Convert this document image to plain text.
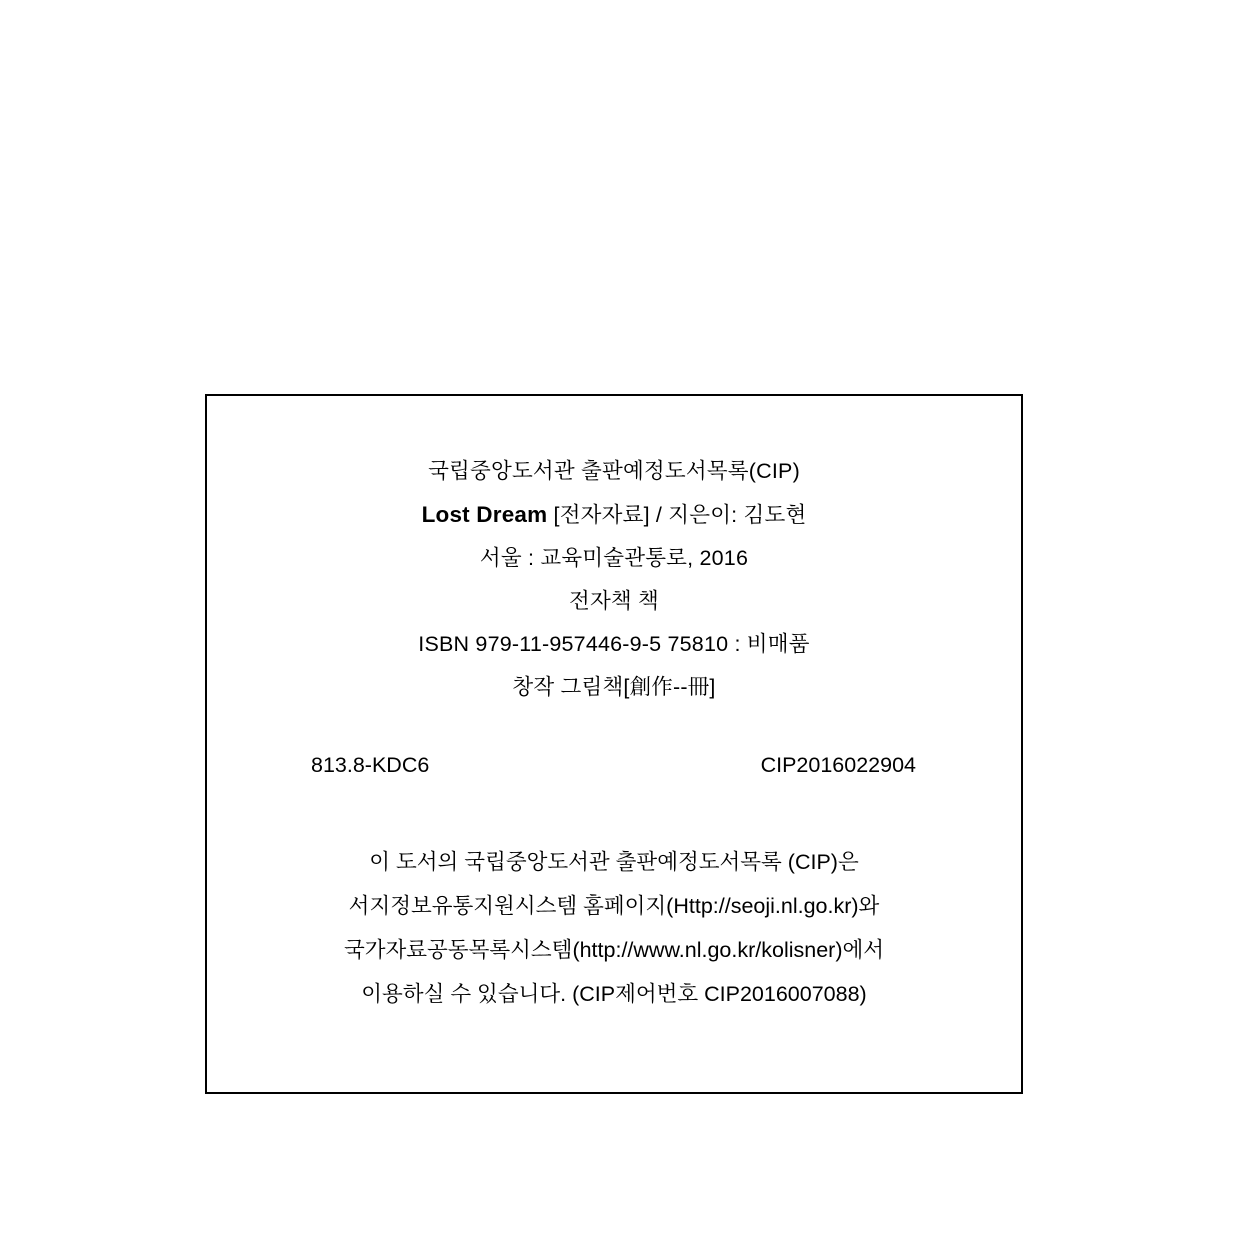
국립중앙도서관 출판예정도서목록(CIP)
Lost Dream [전자자료] / 지은이: 김도현
서울 : 교육미술관통로, 2016
전자책 책
ISBN 979-11-957446-9-5 75810 : 비매품
창작 그림책[創作--冊]
813.8-KDC6	CIP2016022904
이 도서의 국립중앙도서관 출판예정도서목록 (CIP)은
서지정보유통지원시스템 홈페이지(Http://seoji.nl.go.kr)와
국가자료공동목록시스템(http://www.nl.go.kr/kolisner)에서
이용하실 수 있습니다. (CIP제어번호 CIP2016007088)
